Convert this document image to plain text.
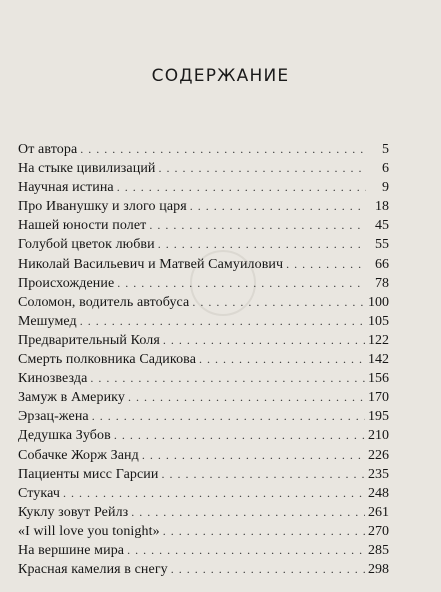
СОДЕРЖАНИЕ
От автора . . .	5
На стыке цивилизаций . . .	6
Научная истина . . .	9
Про Иванушку и злого царя . . .	18
Нашей юности полет . . .	45
Голубой цветок любви . . .	55
Николай Васильевич и Матвей Самуилович . . .	66
Происхождение . . .	78
Соломон, водитель автобуса . . .	100
Мешумед . . .	105
Предварительный Коля . . .	122
Смерть полковника Садикова . . .	142
Кинозвезда . . .	156
Замуж в Америку . . .	170
Эрзац-жена . . .	195
Дедушка Зубов . . .	210
Собачке Жорж Занд . . .	226
Пациенты мисс Гарсии . . .	235
Стукач . . .	248
Куклу зовут Рейлз . . .	261
«I will love you tonight» . . .	270
На вершине мира . . .	285
Красная камелия в снегу . . .	298
